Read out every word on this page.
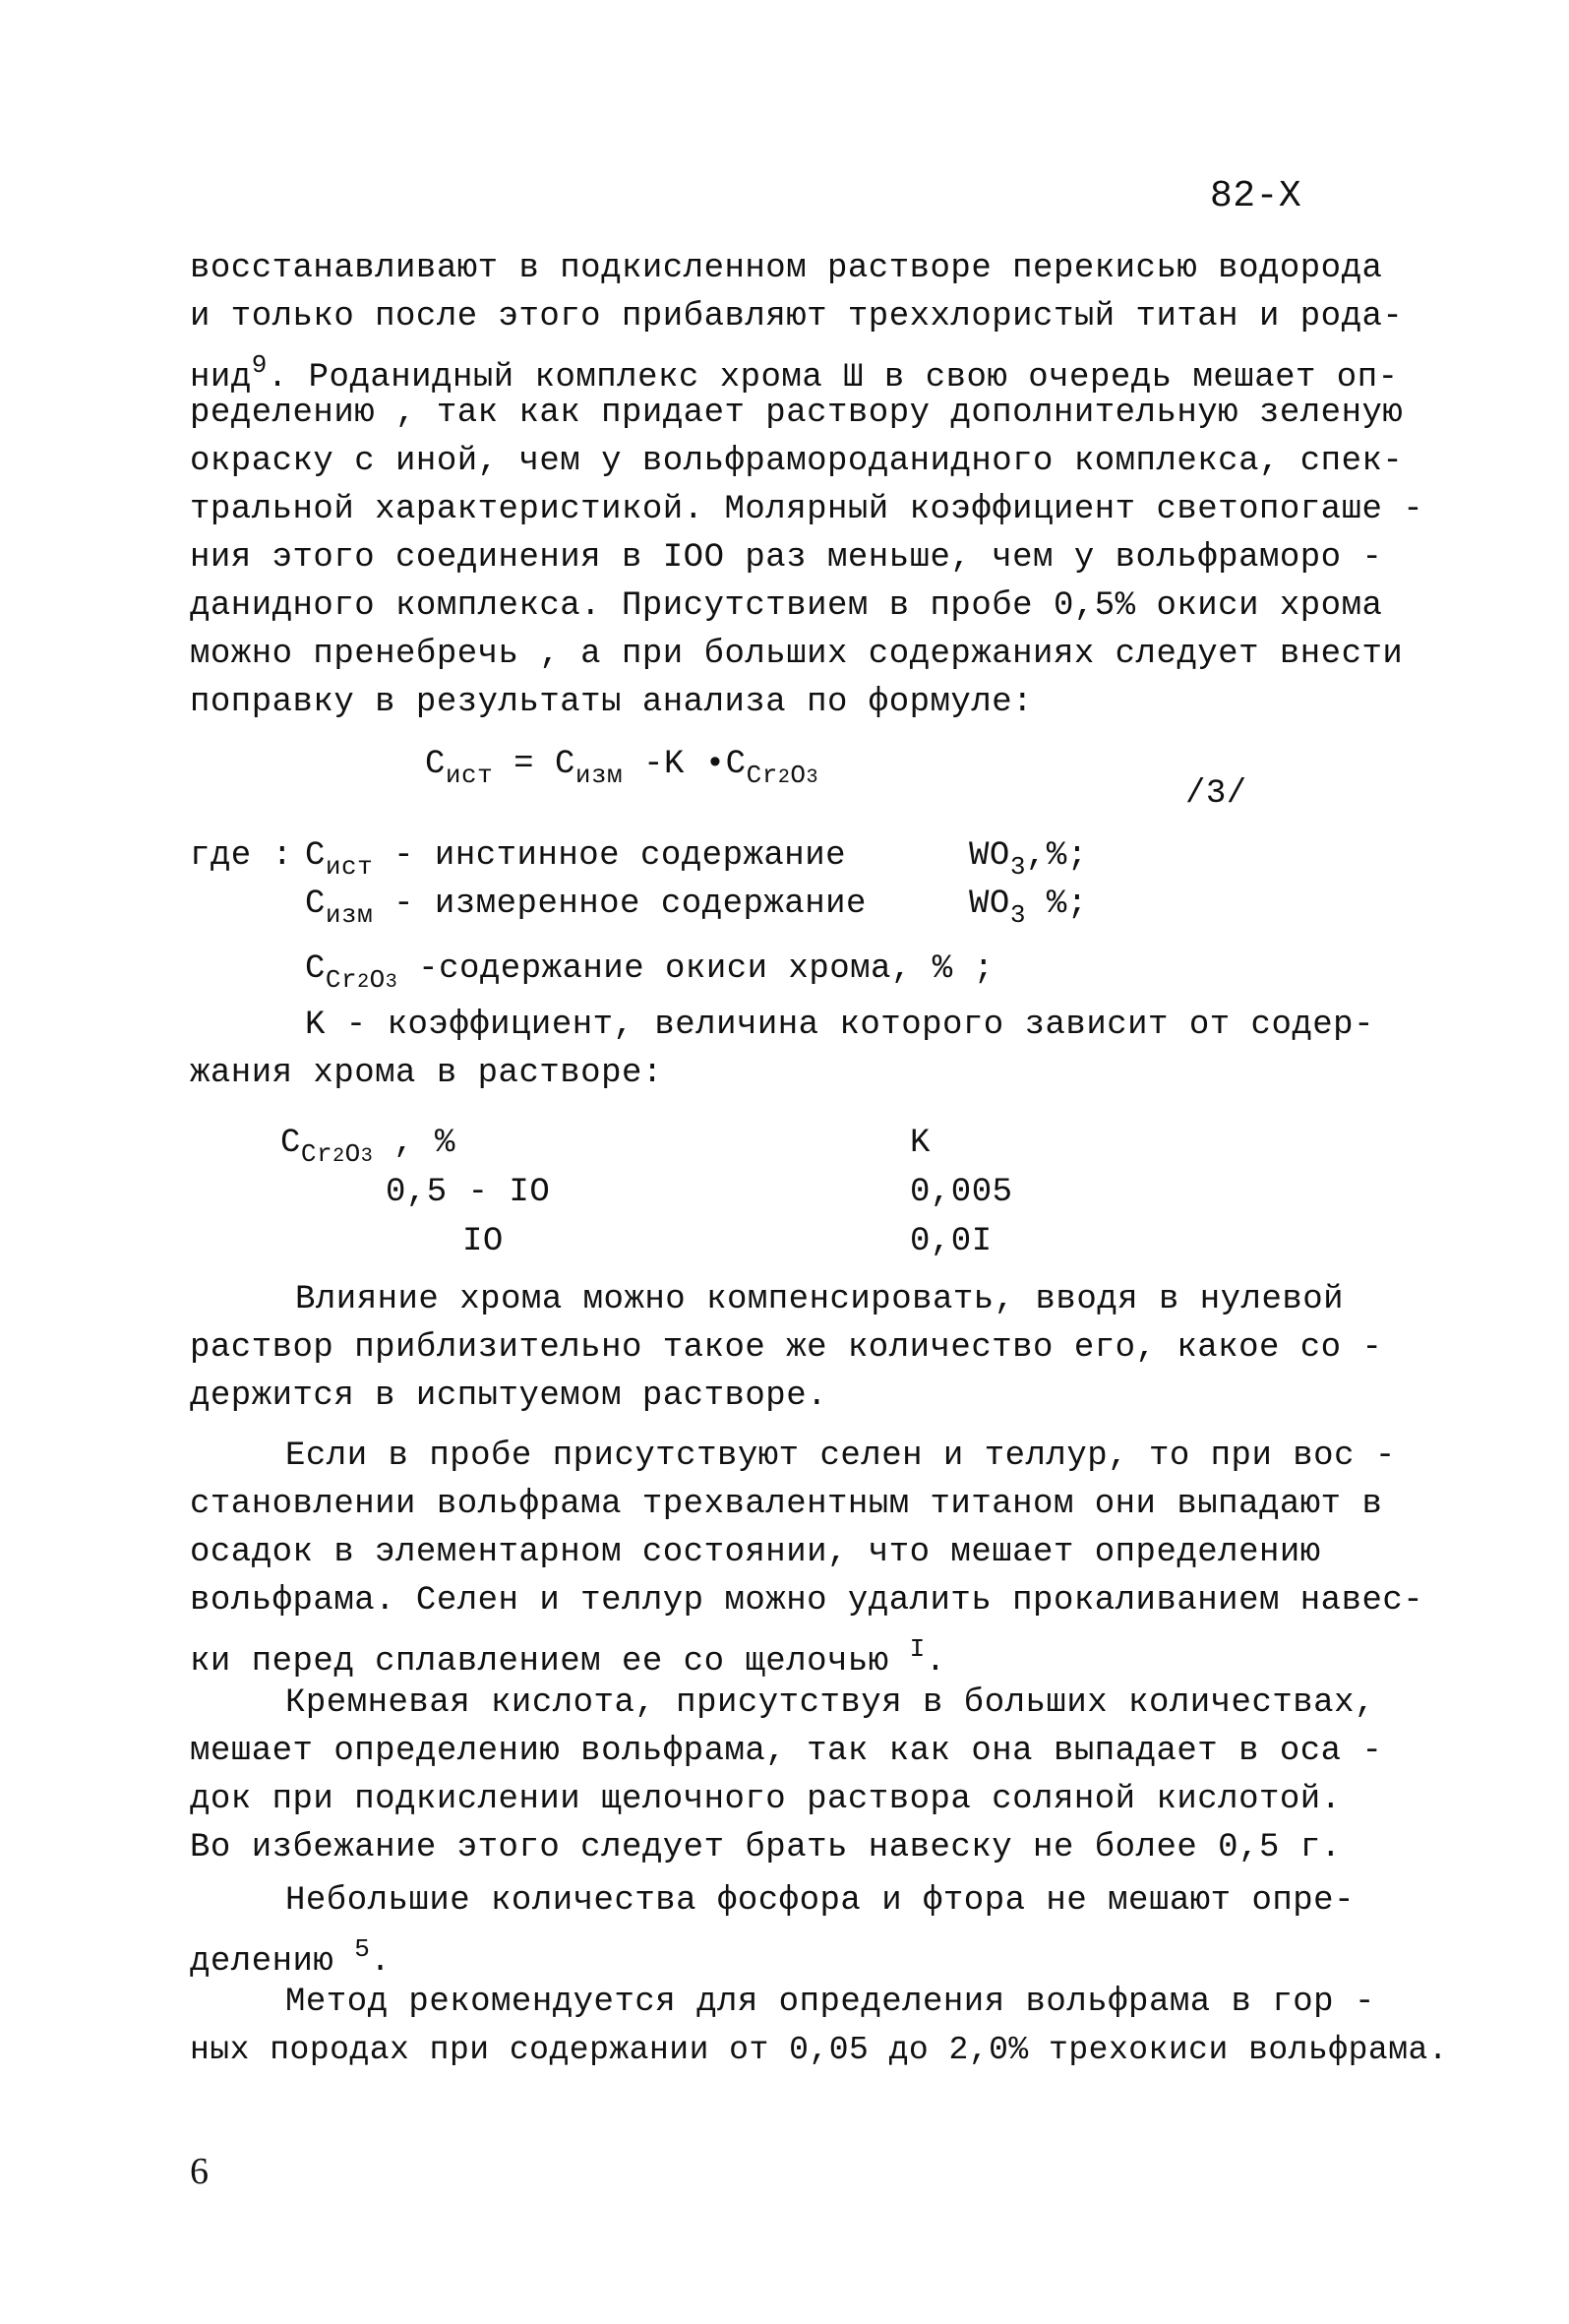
82-X
восстанавливают в подкисленном растворе перекисью водорода
и только после этого прибавляют треххлористый титан и рода-
нид$^9$. Роданидный комплекс хрома Ш в свою очередь мешает оп-
ределению , так как придает раствору дополнительную зеленую
окраску с иной, чем у вольфрамороданидного комплекса, спек-
тральной характеристикой. Молярный коэффициент светопогаше -
ния этого соединения в IOO раз меньше, чем у вольфраморо -
данидного комплекса. Присутствием в пробе 0,5% окиси хрома
можно пренебречь , а при больших содержаниях следует внести
поправку в результаты анализа по формуле:
$C_{ист} = C_{изм}$ -K $•C_{Cr2O3}$	/3/
где : $C_{ист}$ - инстинное содержание	$WO_3,\%$;
$C_{изм}$ - измеренное содержание	$WO_3$ %;
$C_{Cr2O3}$ -содержание окиси хрома, % ;
K - коэффициент, величина которого зависит от содер-
жания хрома в растворе:
$C_{Cr2O3}$ , %	K
0,5 - IO	0,005
IO	0,0I
Влияние хрома можно компенсировать, вводя в нулевой
раствор приблизительно такое же количество его, какое со -
держится в испытуемом растворе.
Если в пробе присутствуют селен и теллур, то при вос -
становлении вольфрама трехвалентным титаном они выпадают в
осадок в элементарном состоянии, что мешает определению
вольфрама. Селен и теллур можно удалить прокаливанием навес-
ки перед сплавлением ее со щелочью $^I$.
Кремневая кислота, присутствуя в больших количествах,
мешает определению вольфрама, так как она выпадает в оса -
док при подкислении щелочного раствора соляной кислотой.
Во избежание этого следует брать навеску не более 0,5 г.
Небольшие количества фосфора и фтора не мешают опре-
делению $^5$.
Метод рекомендуется для определения вольфрама в гор -
ных породах при содержании от 0,05 до 2,0% трехокиси вольфрама.
6
